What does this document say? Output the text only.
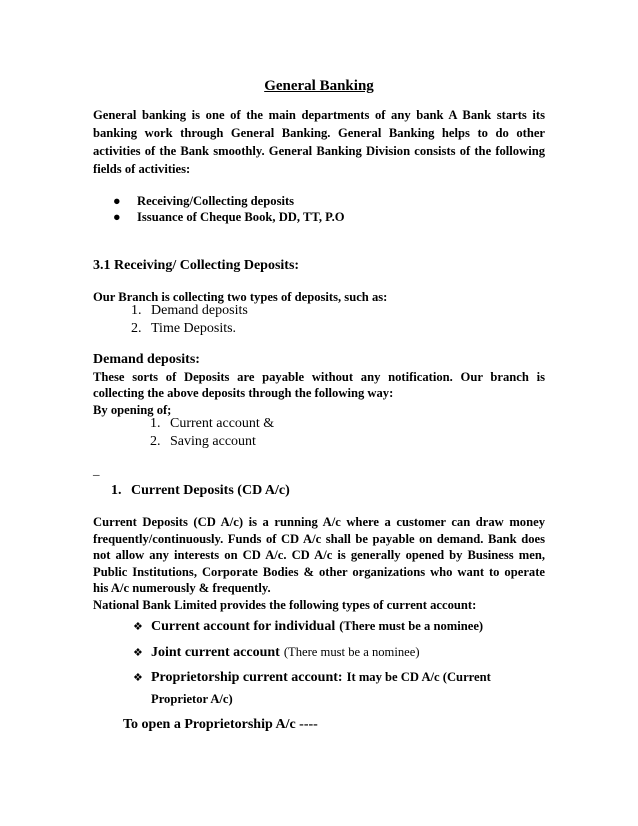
General Banking

General banking is one of the main departments of any bank A Bank starts its banking work through General Banking. General Banking helps to do other activities of the Bank smoothly. General Banking Division consists of the following fields of activities:

● Receiving/Collecting deposits
● Issuance of Cheque Book, DD, TT, P.O

3.1 Receiving/ Collecting Deposits:

Our Branch is collecting two types of deposits, such as:

1. Demand deposits
2. Time Deposits.

Demand deposits:

These sorts of Deposits are payable without any notification. Our branch is collecting the above deposits through the following way:

By opening of;

1. Current account &
2. Saving account

_

1. Current Deposits (CD A/c)

Current Deposits (CD A/c) is a running A/c where a customer can draw money frequently/continuously. Funds of CD A/c shall be payable on demand. Bank does not allow any interests on CD A/c. CD A/c is generally opened by Business men, Public Institutions, Corporate Bodies & other organizations who want to operate his A/c numerously & frequently.

National Bank Limited provides the following types of current account:

❖ Current account for individual (There must be a nominee)
❖ Joint current account (There must be a nominee)
❖ Proprietorship current account: It may be CD A/c (Current
Proprietor A/c)

To open a Proprietorship A/c ----
